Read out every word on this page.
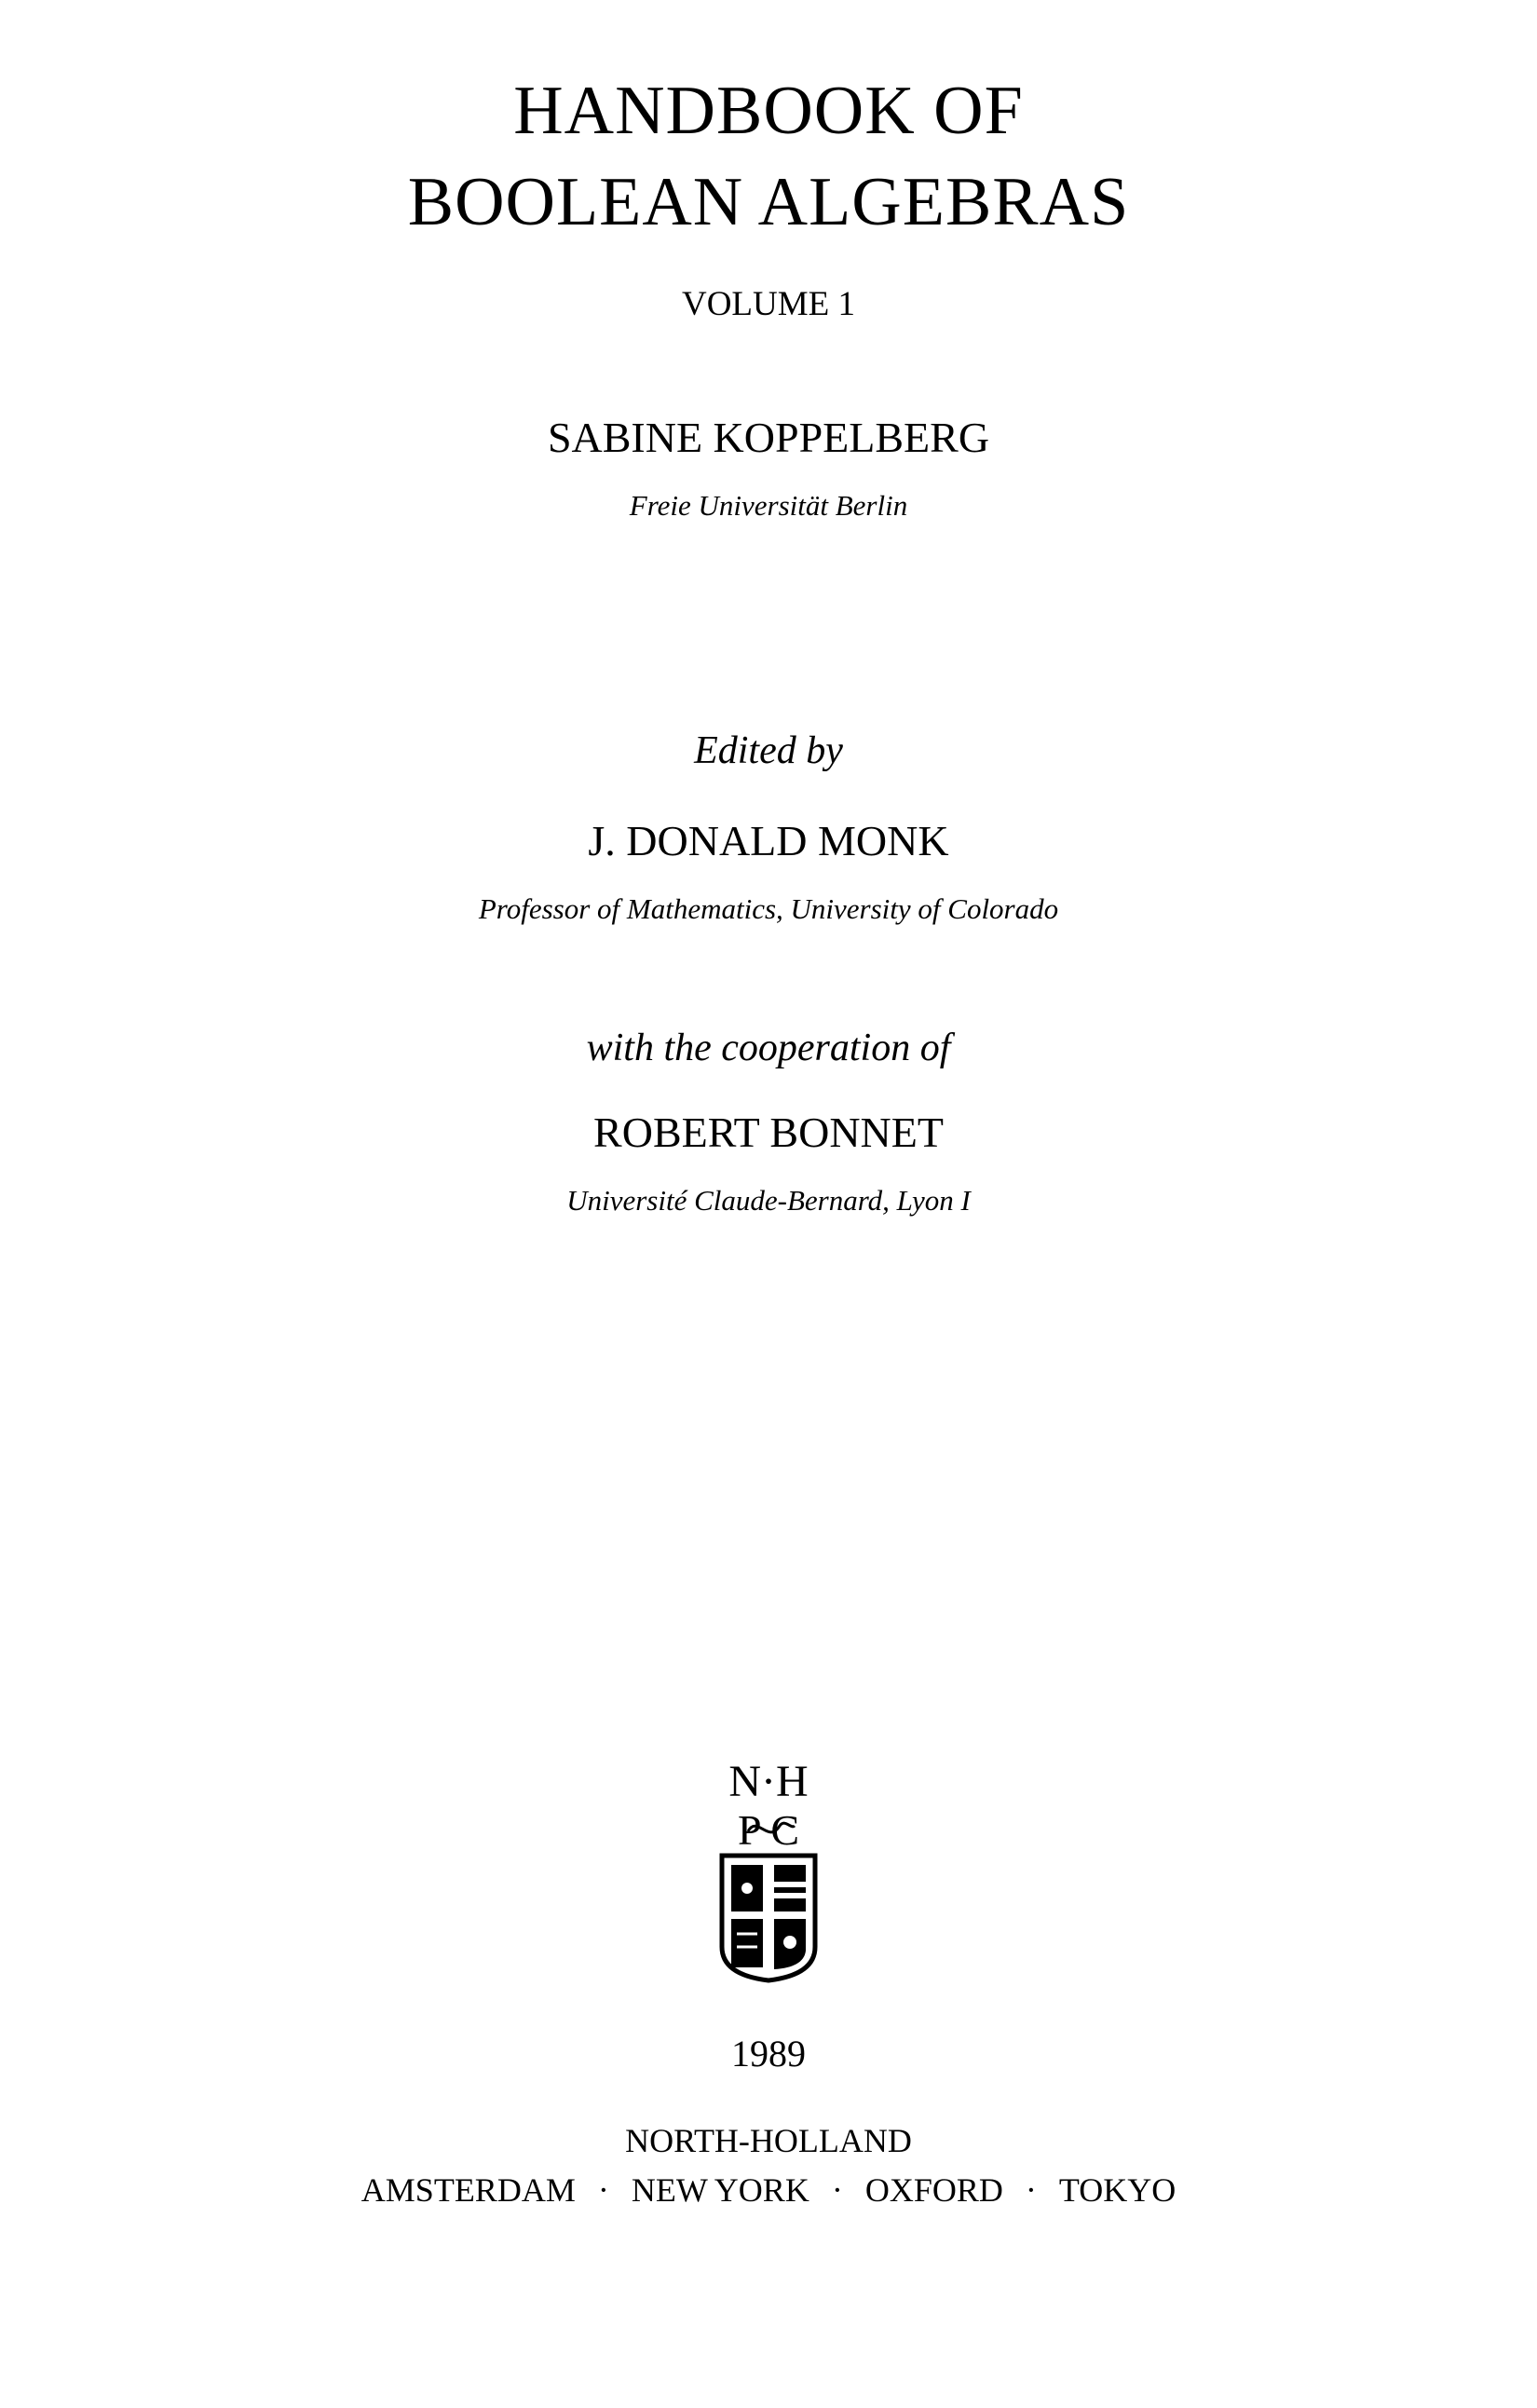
HANDBOOK OF
BOOLEAN ALGEBRAS
VOLUME 1
SABINE KOPPELBERG
Freie Universität Berlin
Edited by
J. DONALD MONK
Professor of Mathematics, University of Colorado
with the cooperation of
ROBERT BONNET
Université Claude-Bernard, Lyon I
N·H
P C
1989
NORTH-HOLLAND
AMSTERDAM · NEW YORK · OXFORD · TOKYO
